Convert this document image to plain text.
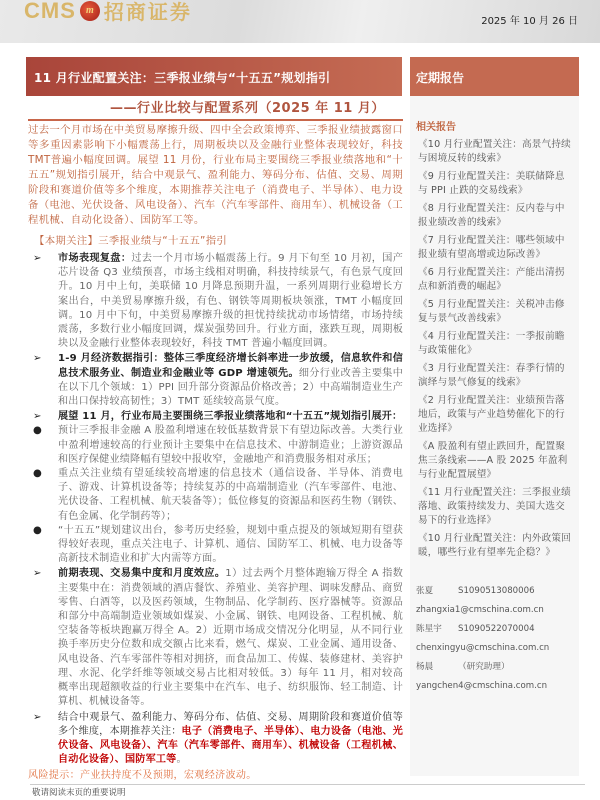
CMS	m 招商证券	2025 年 10 月 26 日
11 月行业配置关注：三季报业绩与“十五五”规划指引	定期报告
——行业比较与配置系列（2025 年 11 月）
过去一个月市场在中美贸易摩擦升级、四中全会政策博弈、三季报业绩披露窗口等多重因素影响下小幅震荡上行，周期板块以及金融行业整体表现较好，科技TMT普遍小幅度回调。展望 11 月份，行业布局主要围绕三季报业绩落地和“十五五”规划指引展开，结合中观景气、盈利能力、筹码分布、估值、交易、周期阶段和赛道价值等多个维度，本期推荐关注电子（消费电子、半导体）、电力设备（电池、光伏设备、风电设备）、汽车（汽车零部件、商用车）、机械设备（工程机械、自动化设备）、国防军工等。
【本期关注】三季报业绩与“十五五”指引
➢ 市场表现复盘：过去一个月市场小幅震荡上行。9 月下旬至 10 月初，国产芯片设备 Q3 业绩预喜，市场主线相对明确，科技持续景气，有色景气度回升。10 月中上旬，美联储 10 月降息预期升温，一系列周期行业稳增长方案出台，中美贸易摩擦升级，有色、钢铁等周期板块领涨，TMT 小幅度回调。10 月中下旬，中美贸易摩擦升级的担忧持续扰动市场情绪，市场持续震荡，多数行业小幅度回调，煤炭强势回升。行业方面，涨跌互现，周期板块以及金融行业整体表现较好，科技 TMT 普遍小幅度回调。
➢ 1-9 月经济数据指引：整体三季度经济增长斜率进一步放缓，信息软件和信息技术服务业、制造业和金融业等 GDP 增速领先。细分行业改善主要集中在以下几个领域：1）PPI 回升部分资源品价格改善；2）中高端制造业生产和出口保持较高韧性；3）TMT 延续较高景气度。
➢ 展望 11 月，行业布局主要围绕三季报业绩落地和“十五五”规划指引展开：
● 预计三季报非金融 A 股盈利增速在较低基数背景下有望边际改善。大类行业中盈利增速较高的行业预计主要集中在信息技术、中游制造业；上游资源品和医疗保健业绩降幅有望较中报收窄，金融地产和消费服务相对承压；
● 重点关注业绩有望延续较高增速的信息技术（通信设备、半导体、消费电子、游戏、计算机设备等；持续复苏的中高端制造业（汽车零部件、电池、光伏设备、工程机械、航天装备等）；低位修复的资源品和医药生物（钢铁、有色金属、化学制药等）；
● “十五五”规划建议出台，参考历史经验，规划中重点提及的领域短期有望获得较好表现，重点关注电子、计算机、通信、国防军工、机械、电力设备等高新技术制造业和扩大内需等方面。
➢ 前期表现、交易集中度和月度效应。1）过去两个月整体跑输万得全 A 指数主要集中在：消费领域的酒店餐饮、养殖业、美容护理、调味发酵品、商贸零售、白酒等，以及医药领域，生物制品、化学制药、医疗器械等。资源品和部分中高端制造业领域如煤炭、小金属、钢铁、电网设备、工程机械、航空装备等板块跑赢万得全 A。2）近期市场成交情况分化明显，从不同行业换手率历史分位数和成交额占比来看，燃气、煤炭、工业金属、通用设备、风电设备、汽车零部件等相对拥挤，而食品加工、传媒、装修建材、美容护理、水泥、化学纤维等领域交易占比相对较低。3）每年 11 月，相对较高概率出现超额收益的行业主要集中在汽车、电子、纺织服饰、轻工制造、计算机、机械设备等。
➢ 结合中观景气、盈利能力、筹码分布、估值、交易、周期阶段和赛道价值等多个维度，本期推荐关注：电子（消费电子、半导体）、电力设备（电池、光伏设备、风电设备）、汽车（汽车零部件、商用车）、机械设备（工程机械、自动化设备）、国防军工等。
风险提示：产业扶持度不及预期，宏观经济波动。
相关报告
《10 月行业配置关注：高景气持续与困境反转的线索》
《9 月行业配置关注：美联储降息与 PPI 止跌的交易线索》
《8 月行业配置关注：反内卷与中报业绩改善的线索》
《7 月行业配置关注：哪些领域中报业绩有望高增或边际改善》
《6 月行业配置关注：产能出清拐点和新消费的崛起》
《5 月行业配置关注：关税冲击修复与景气改善线索》
《4 月行业配置关注：一季报前瞻与政策催化》
《3 月行业配置关注：春季行情的演绎与景气修复的线索》
《2 月行业配置关注：业绩预告落地后，政策与产业趋势催化下的行业选择》
《A 股盈利有望止跌回升，配置聚焦三条线索——A 股 2025 年盈利与行业配置展望》
《11 月行业配置关注：三季报业绩落地、政策持续发力、美国大选交易下的行业选择》
《10 月行业配置关注：内外政策回暖，哪些行业有望率先企稳？》
张夏	S1090513080006
zhangxia1@cmschina.com.cn
陈星宇 S1090522070004
chenxingyu@cmschina.com.cn
杨晨	（研究助理）
yangchen4@cmschina.com.cn
敬请阅读末页的重要说明
